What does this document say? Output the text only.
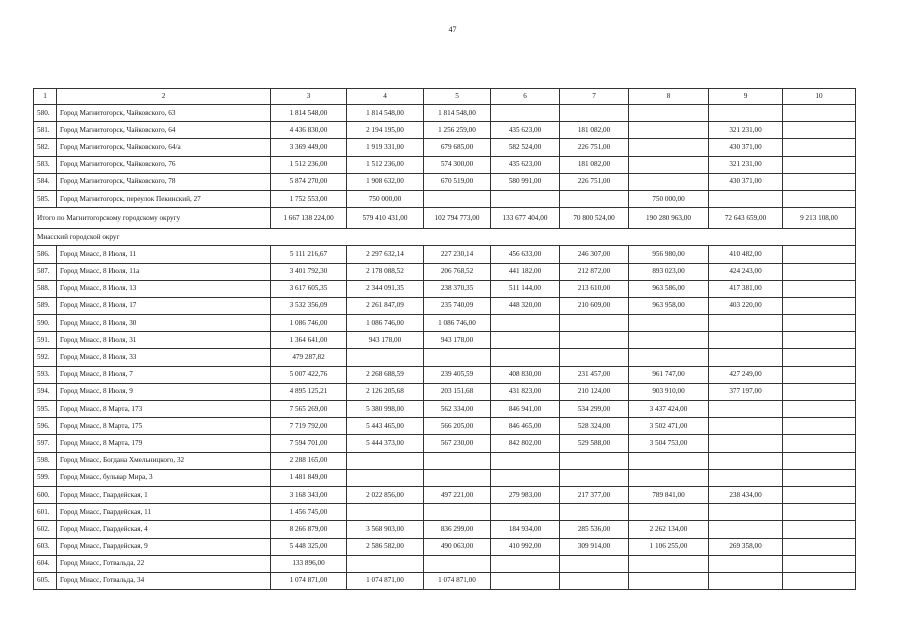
47
1	2	3	4	5	6	7	8	9	10
580.	Город Магнитогорск, Чайковского, 63	1 814 548,00	1 814 548,00	1 814 548,00					
581.	Город Магнитогорск, Чайковского, 64	4 436 830,00	2 194 195,00	1 256 259,00	435 623,00	181 082,00		321 231,00	
582.	Город Магнитогорск, Чайковского, 64/а	3 369 449,00	1 919 331,00	679 685,00	582 524,00	226 751,00		430 371,00	
583.	Город Магнитогорск, Чайковского, 76	1 512 236,00	1 512 236,00	574 300,00	435 623,00	181 082,00		321 231,00	
584.	Город Магнитогорск, Чайковского, 78	5 874 270,00	1 908 632,00	670 519,00	580 991,00	226 751,00		430 371,00	
585.	Город Магнитогорск, переулок Пекинский, 27	1 752 553,00	750 000,00				750 000,00		
Итого по Магнитогорскому городскому округу		1 667 138 224,00	579 410 431,00	102 794 773,00	133 677 404,00	70 800 524,00	190 280 963,00	72 643 659,00	9 213 108,00
Миасский городской округ									
586.	Город Миасс, 8 Июля, 11	5 111 216,67	2 297 632,14	227 230,14	456 633,00	246 307,00	956 980,00	410 482,00	
587.	Город Миасс, 8 Июля, 11а	3 401 792,30	2 178 088,52	206 768,52	441 182,00	212 872,00	893 023,00	424 243,00	
588.	Город Миасс, 8 Июля, 13	3 617 605,35	2 344 091,35	238 370,35	511 144,00	213 610,00	963 586,00	417 381,00	
589.	Город Миасс, 8 Июля, 17	3 532 356,09	2 261 847,09	235 740,09	448 320,00	210 609,00	963 958,00	403 220,00	
590.	Город Миасс, 8 Июля, 30	1 086 746,00	1 086 746,00	1 086 746,00					
591.	Город Миасс, 8 Июля, 31	1 364 641,00	943 178,00	943 178,00					
592.	Город Миасс, 8 Июля, 33	479 287,82							
593.	Город Миасс, 8 Июля, 7	5 007 422,76	2 268 688,59	239 405,59	408 830,00	231 457,00	961 747,00	427 249,00	
594.	Город Миасс, 8 Июля, 9	4 895 125,21	2 126 205,68	203 151,68	431 823,00	210 124,00	903 910,00	377 197,00	
595.	Город Миасс, 8 Марта, 173	7 565 269,00	5 380 998,00	562 334,00	846 941,00	534 299,00	3 437 424,00		
596.	Город Миасс, 8 Марта, 175	7 719 792,00	5 443 465,00	566 205,00	846 465,00	528 324,00	3 502 471,00		
597.	Город Миасс, 8 Марта, 179	7 594 701,00	5 444 373,00	567 230,00	842 802,00	529 588,00	3 504 753,00		
598.	Город Миасс, Богдана Хмельницкого, 32	2 288 165,00							
599.	Город Миасс, бульвар Мира, 3	1 481 849,00							
600.	Город Миасс, Гвардейская, 1	3 168 343,00	2 022 856,00	497 221,00	279 983,00	217 377,00	789 841,00	238 434,00	
601.	Город Миасс, Гвардейская, 11	1 456 745,00							
602.	Город Миасс, Гвардейская, 4	8 266 879,00	3 568 903,00	836 299,00	184 934,00	285 536,00	2 262 134,00		
603.	Город Миасс, Гвардейская, 9	5 448 325,00	2 586 582,00	490 063,00	410 992,00	309 914,00	1 106 255,00	269 358,00	
604.	Город Миасс, Готвальда, 22	133 896,00							
605.	Город Миасс, Готвальда, 34	1 074 871,00	1 074 871,00	1 074 871,00					
